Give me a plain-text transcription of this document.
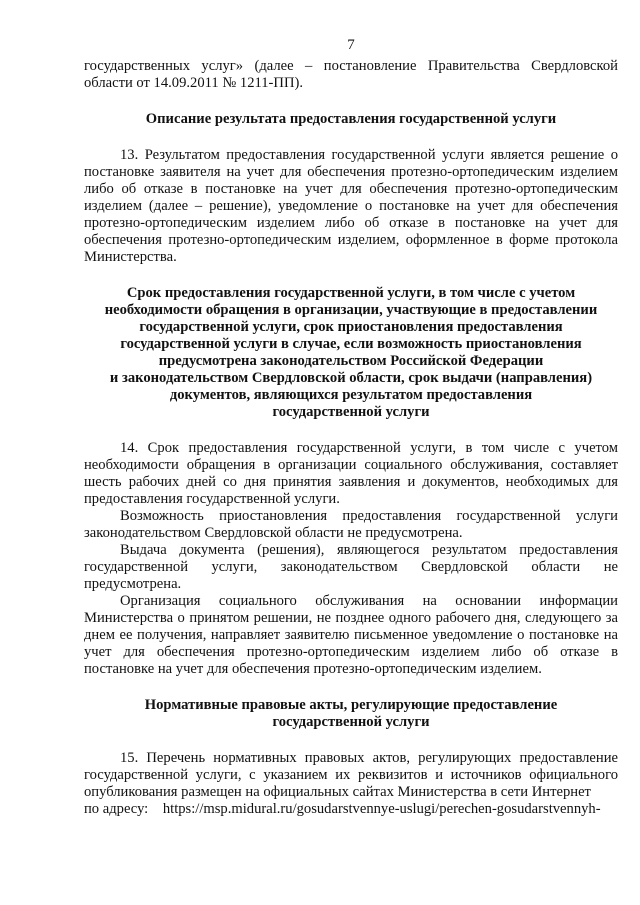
7

государственных услуг» (далее – постановление Правительства Свердловской области от 14.09.2011 № 1211-ПП).

Описание результата предоставления государственной услуги

13. Результатом предоставления государственной услуги является решение о постановке заявителя на учет для обеспечения протезно-ортопедическим изделием либо об отказе в постановке на учет для обеспечения протезно-ортопедическим изделием (далее – решение), уведомление о постановке на учет для обеспечения протезно-ортопедическим изделием либо об отказе в постановке на учет для обеспечения протезно-ортопедическим изделием, оформленное в форме протокола Министерства.

Срок предоставления государственной услуги, в том числе с учетом
необходимости обращения в организации, участвующие в предоставлении
государственной услуги, срок приостановления предоставления
государственной услуги в случае, если возможность приостановления
предусмотрена законодательством Российской Федерации
и законодательством Свердловской области, срок выдачи (направления)
документов, являющихся результатом предоставления
государственной услуги

14. Срок предоставления государственной услуги, в том числе с учетом необходимости обращения в организации социального обслуживания, составляет шесть рабочих дней со дня принятия заявления и документов, необходимых для предоставления государственной услуги.

Возможность приостановления предоставления государственной услуги законодательством Свердловской области не предусмотрена.

Выдача документа (решения), являющегося результатом предоставления государственной услуги, законодательством Свердловской области не предусмотрена.

Организация социального обслуживания на основании информации Министерства о принятом решении, не позднее одного рабочего дня, следующего за днем ее получения, направляет заявителю письменное уведомление о постановке на учет для обеспечения протезно-ортопедическим изделием либо об отказе в постановке на учет для обеспечения протезно-ортопедическим изделием.

Нормативные правовые акты, регулирующие предоставление
государственной услуги

15. Перечень нормативных правовых актов, регулирующих предоставление государственной услуги, с указанием их реквизитов и источников официального опубликования размещен на официальных сайтах Министерства в сети Интернет

по адресу: https://msp.midural.ru/gosudarstvennye-uslugi/perechen-gosudarstvennyh-
